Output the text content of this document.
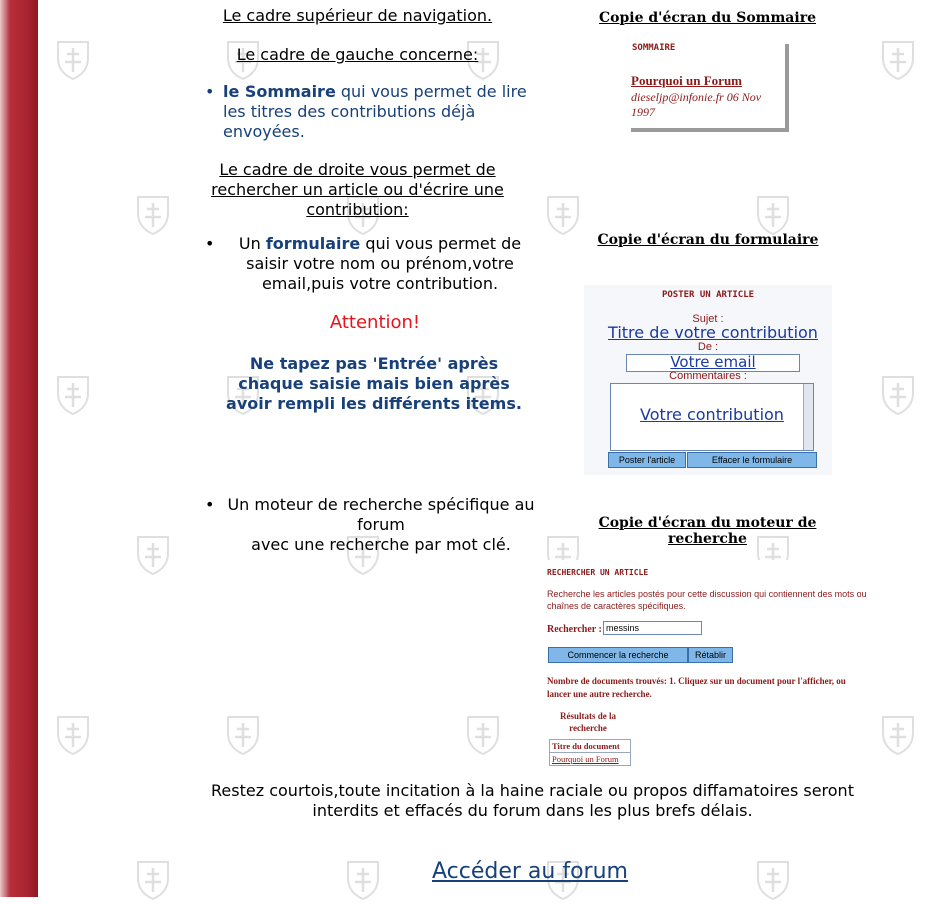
Le cadre supérieur de navigation.
Le cadre de gauche concerne:
• le Sommaire qui vous permet de lire les titres des contributions déjà envoyées.
Le cadre de droite vous permet de rechercher un article ou d'écrire une contribution:
• Un formulaire qui vous permet de saisir votre nom ou prénom,votre email,puis votre contribution.
Attention!
Ne tapez pas 'Entrée' après chaque saisie mais bien après avoir rempli les différents items.
• Un moteur de recherche spécifique au forum
avec une recherche par mot clé.
Copie d'écran du Sommaire
SOMMAIRE
Pourquoi un Forum
dieseljp@infonie.fr 06 Nov 1997
Copie d'écran du formulaire
POSTER UN ARTICLE
Sujet :
Titre de votre contribution
De :
Votre email
Commentaires :
Votre contribution
Poster l'article	Effacer le formulaire
Copie d'écran du moteur de recherche
RECHERCHER UN ARTICLE
Recherche les articles postés pour cette discussion qui contiennent des mots ou chaînes de caractères spécifiques.
Rechercher : messins
Commencer la recherche	Rétablir
Nombre de documents trouvés: 1. Cliquez sur un document pour l'afficher, ou lancer une autre recherche.
Résultats de la recherche
Titre du document
Pourquoi un Forum
Restez courtois,toute incitation à la haine raciale ou propos diffamatoires seront interdits et effacés du forum dans les plus brefs délais.
Accéder au forum
